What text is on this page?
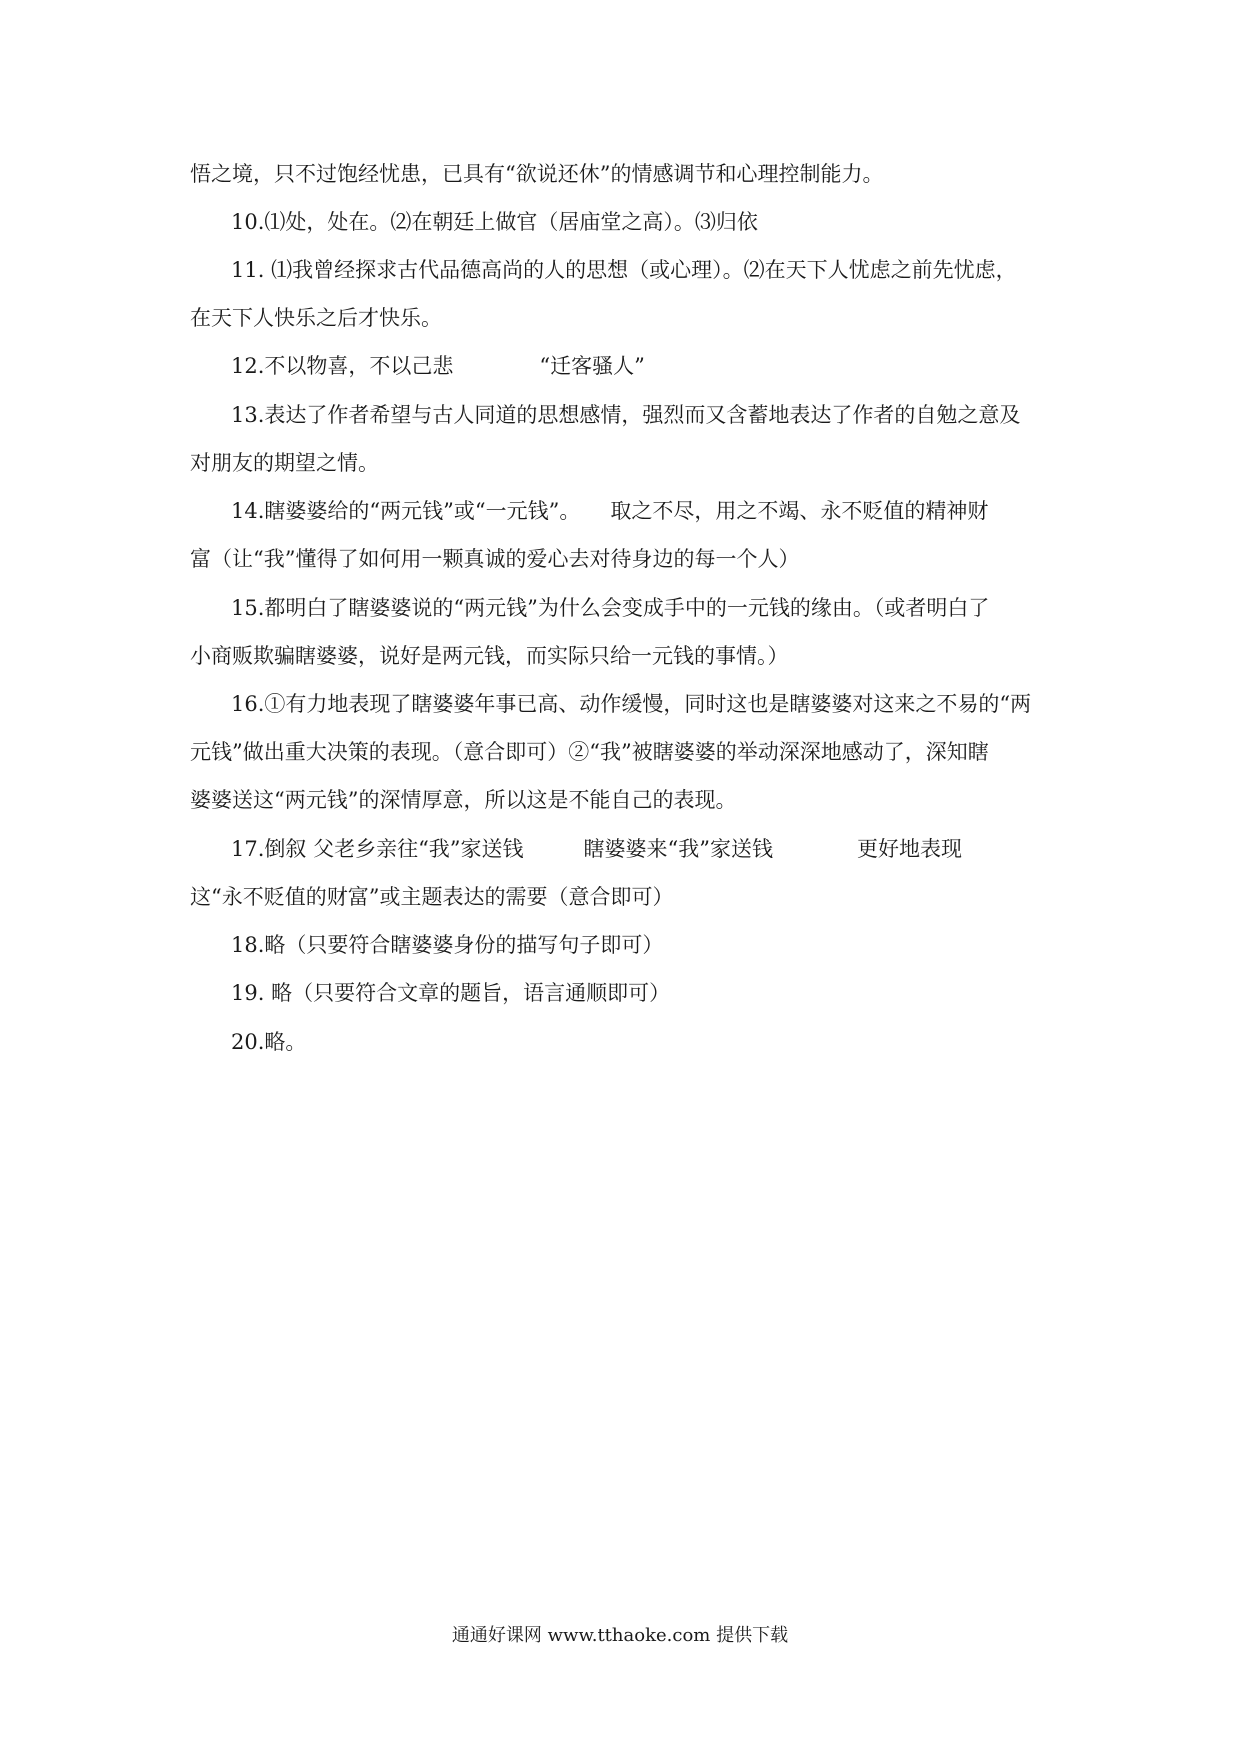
悟之境，只不过饱经忧患，已具有“欲说还休”的情感调节和心理控制能力。
10.⑴处，处在。⑵在朝廷上做官（居庙堂之高）。⑶归依
11. ⑴我曾经探求古代品德高尚的人的思想（或心理）。⑵在天下人忧虑之前先忧虑，
在天下人快乐之后才快乐。
12.不以物喜，不以己悲	“迁客骚人”
13.表达了作者希望与古人同道的思想感情，强烈而又含蓄地表达了作者的自勉之意及
对朋友的期望之情。
14.瞎婆婆给的“两元钱”或“一元钱”。 取之不尽，用之不竭、永不贬值的精神财
富（让“我”懂得了如何用一颗真诚的爱心去对待身边的每一个人）
15.都明白了瞎婆婆说的“两元钱”为什么会变成手中的一元钱的缘由。（或者明白了
小商贩欺骗瞎婆婆，说好是两元钱，而实际只给一元钱的事情。）
16.①有力地表现了瞎婆婆年事已高、动作缓慢，同时这也是瞎婆婆对这来之不易的“两
元钱”做出重大决策的表现。（意合即可）②“我”被瞎婆婆的举动深深地感动了，深知瞎
婆婆送这“两元钱”的深情厚意，所以这是不能自己的表现。
17.倒叙 父老乡亲往“我”家送钱	瞎婆婆来“我”家送钱	更好地表现
这“永不贬值的财富”或主题表达的需要（意合即可）
18.略（只要符合瞎婆婆身份的描写句子即可）
19. 略（只要符合文章的题旨，语言通顺即可）
20.略。
通通好课网 www.tthaoke.com 提供下载
